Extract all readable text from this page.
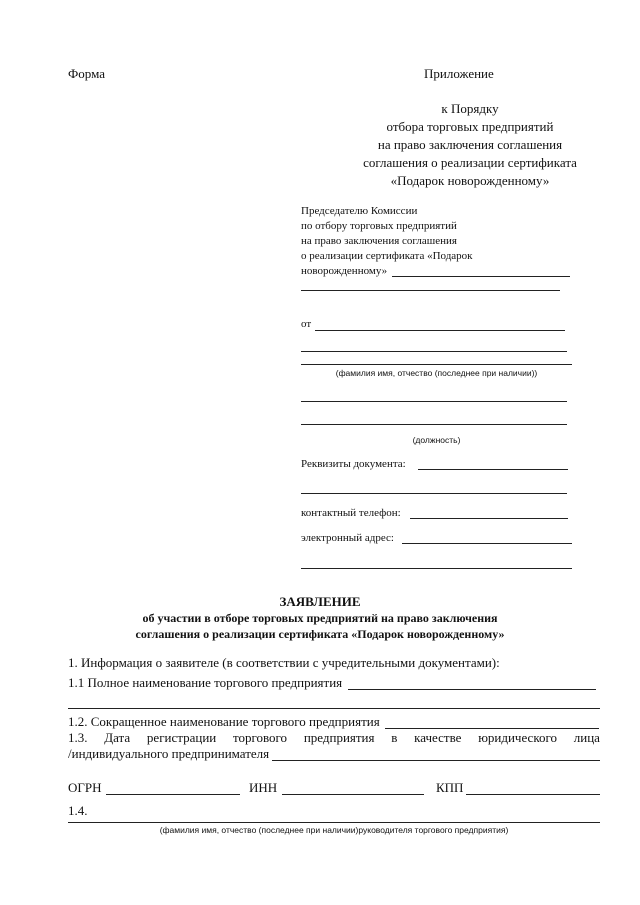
Форма	Приложение
к Порядку
отбора торговых предприятий
на право заключения соглашения
соглашения о реализации сертификата
«Подарок новорожденному»
Председателю Комиссии
по отбору торговых предприятий
на право заключения соглашения
о реализации сертификата «Подарок
новорожденному»
от
(фамилия имя, отчество (последнее при наличии))
(должность)
Реквизиты документа:
контактный телефон:
электронный адрес:
ЗАЯВЛЕНИЕ
об участии в отборе торговых предприятий на право заключения
соглашения о реализации сертификата «Подарок новорожденному»
1. Информация о заявителе (в соответствии с учредительными документами):
1.1 Полное наименование торгового предприятия
1.2. Сокращенное наименование торгового предприятия
1.3. Дата регистрации торгового предприятия в качестве юридического лица
/индивидуального предпринимателя
ОГРН	ИНН	КПП
1.4.
(фамилия имя, отчество (последнее при наличии)руководителя торгового предприятия)
